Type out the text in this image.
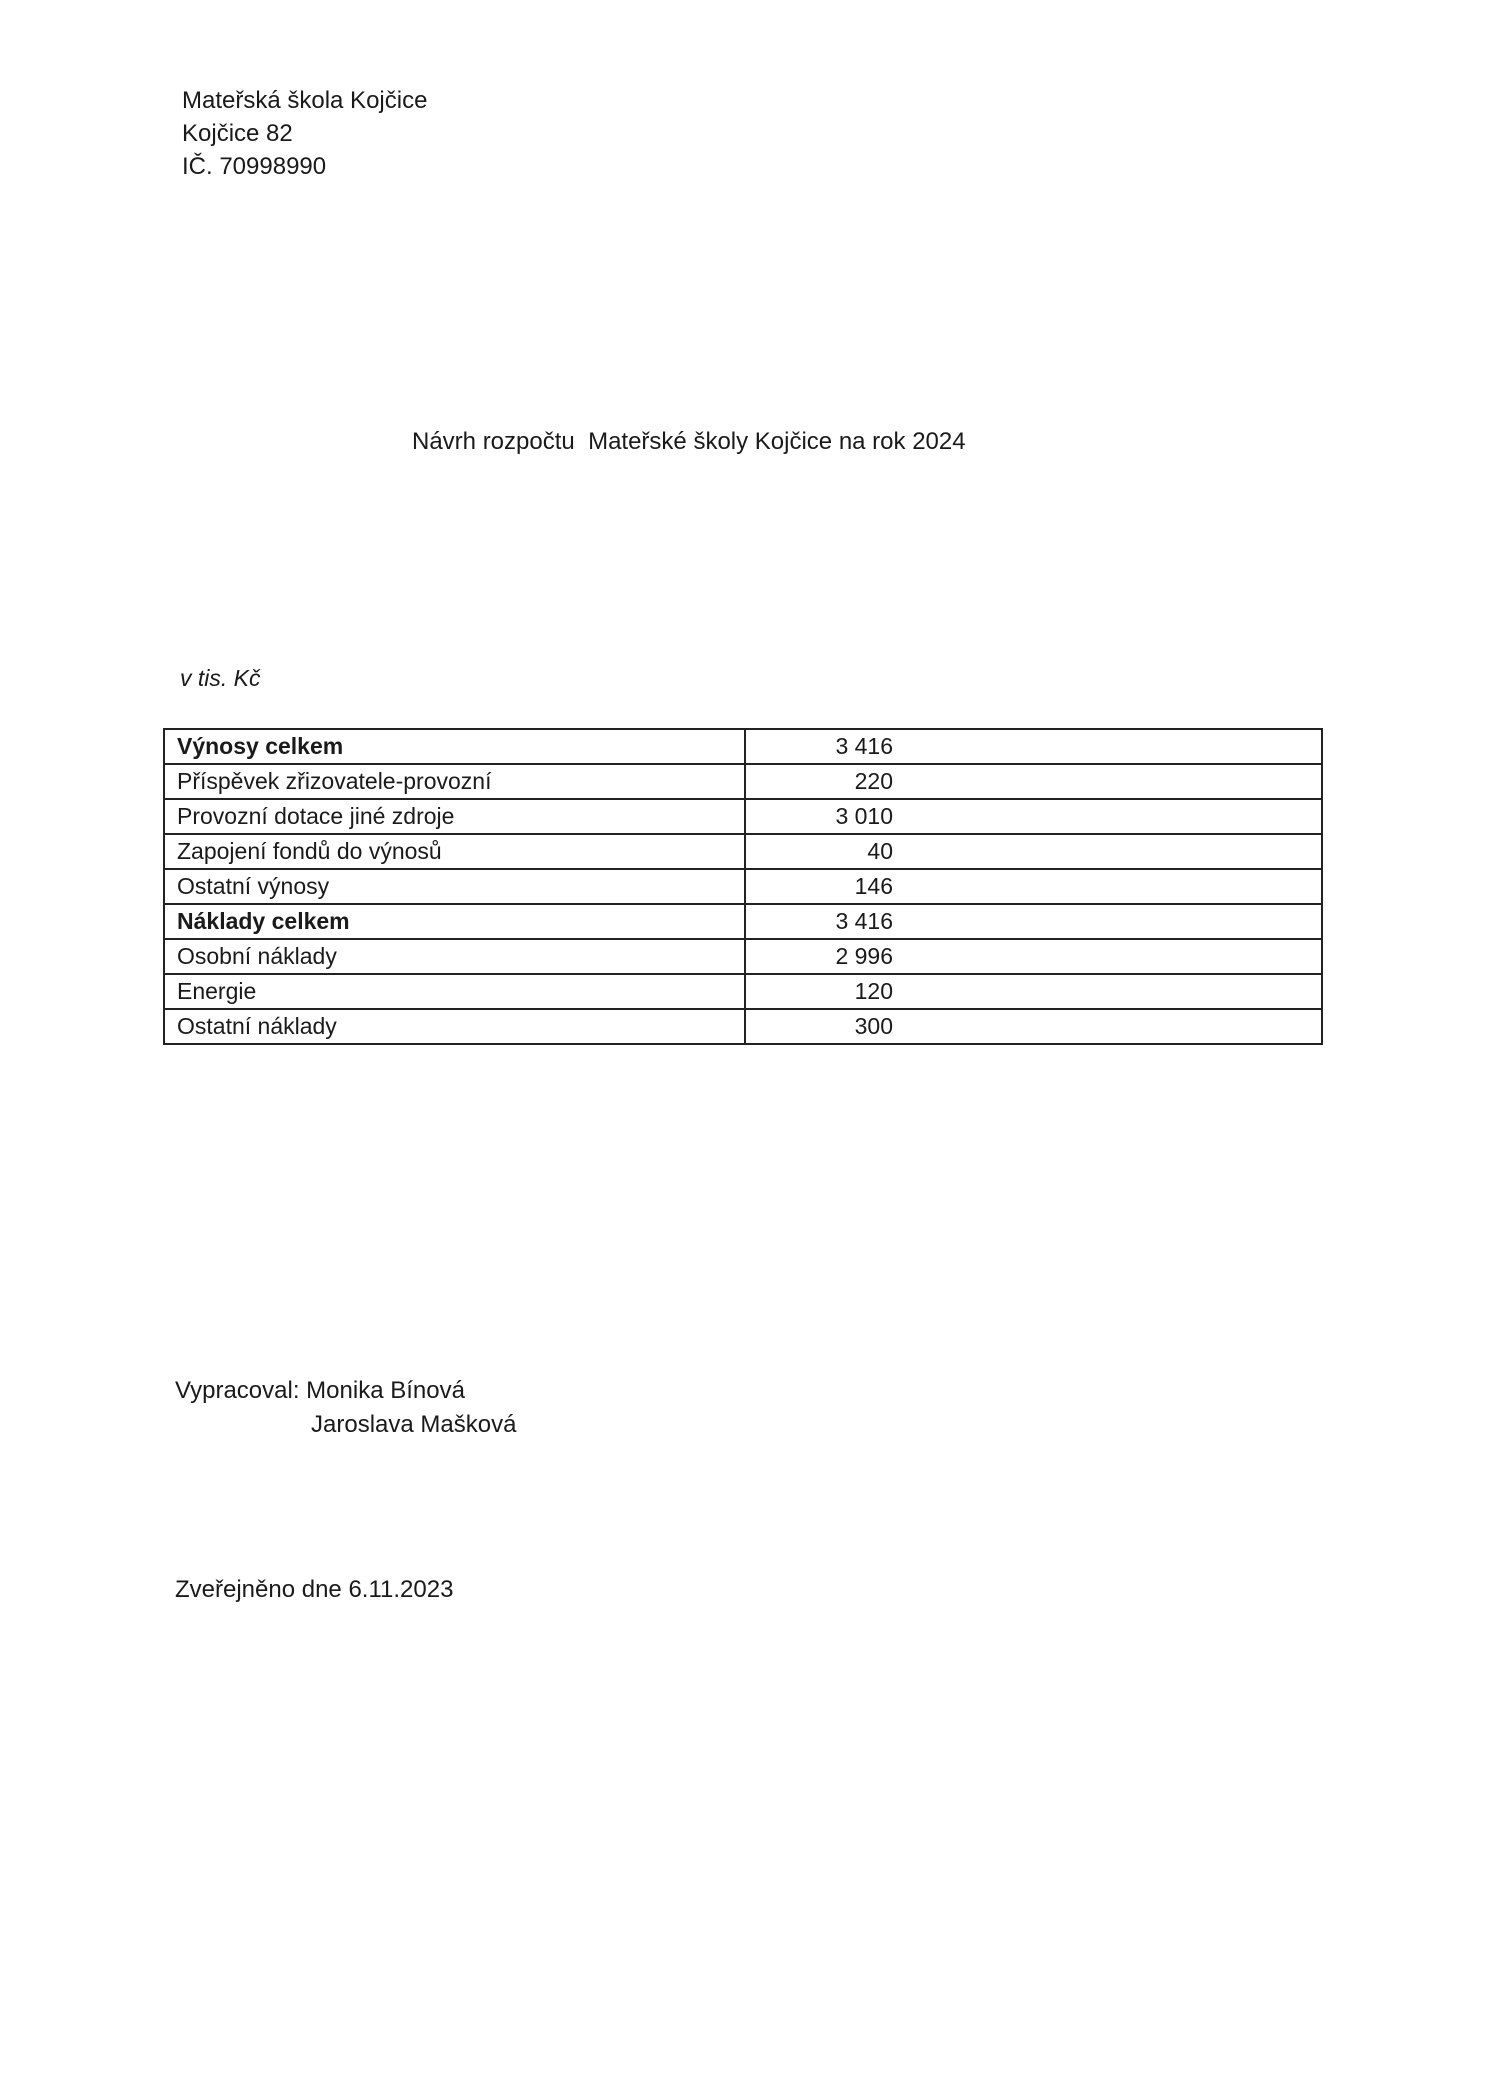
Mateřská škola Kojčice
Kojčice 82
IČ. 70998990
Návrh rozpočtu  Mateřské školy Kojčice na rok 2024
v tis. Kč
Výnosy celkem	3 416
Příspěvek zřizovatele-provozní	220
Provozní dotace jiné zdroje	3 010
Zapojení fondů do výnosů	40
Ostatní výnosy	146
Náklady celkem	3 416
Osobní náklady	2 996
Energie	120
Ostatní náklady	300
Vypracoval: Monika Bínová
Jaroslava Mašková
Zveřejněno dne 6.11.2023
